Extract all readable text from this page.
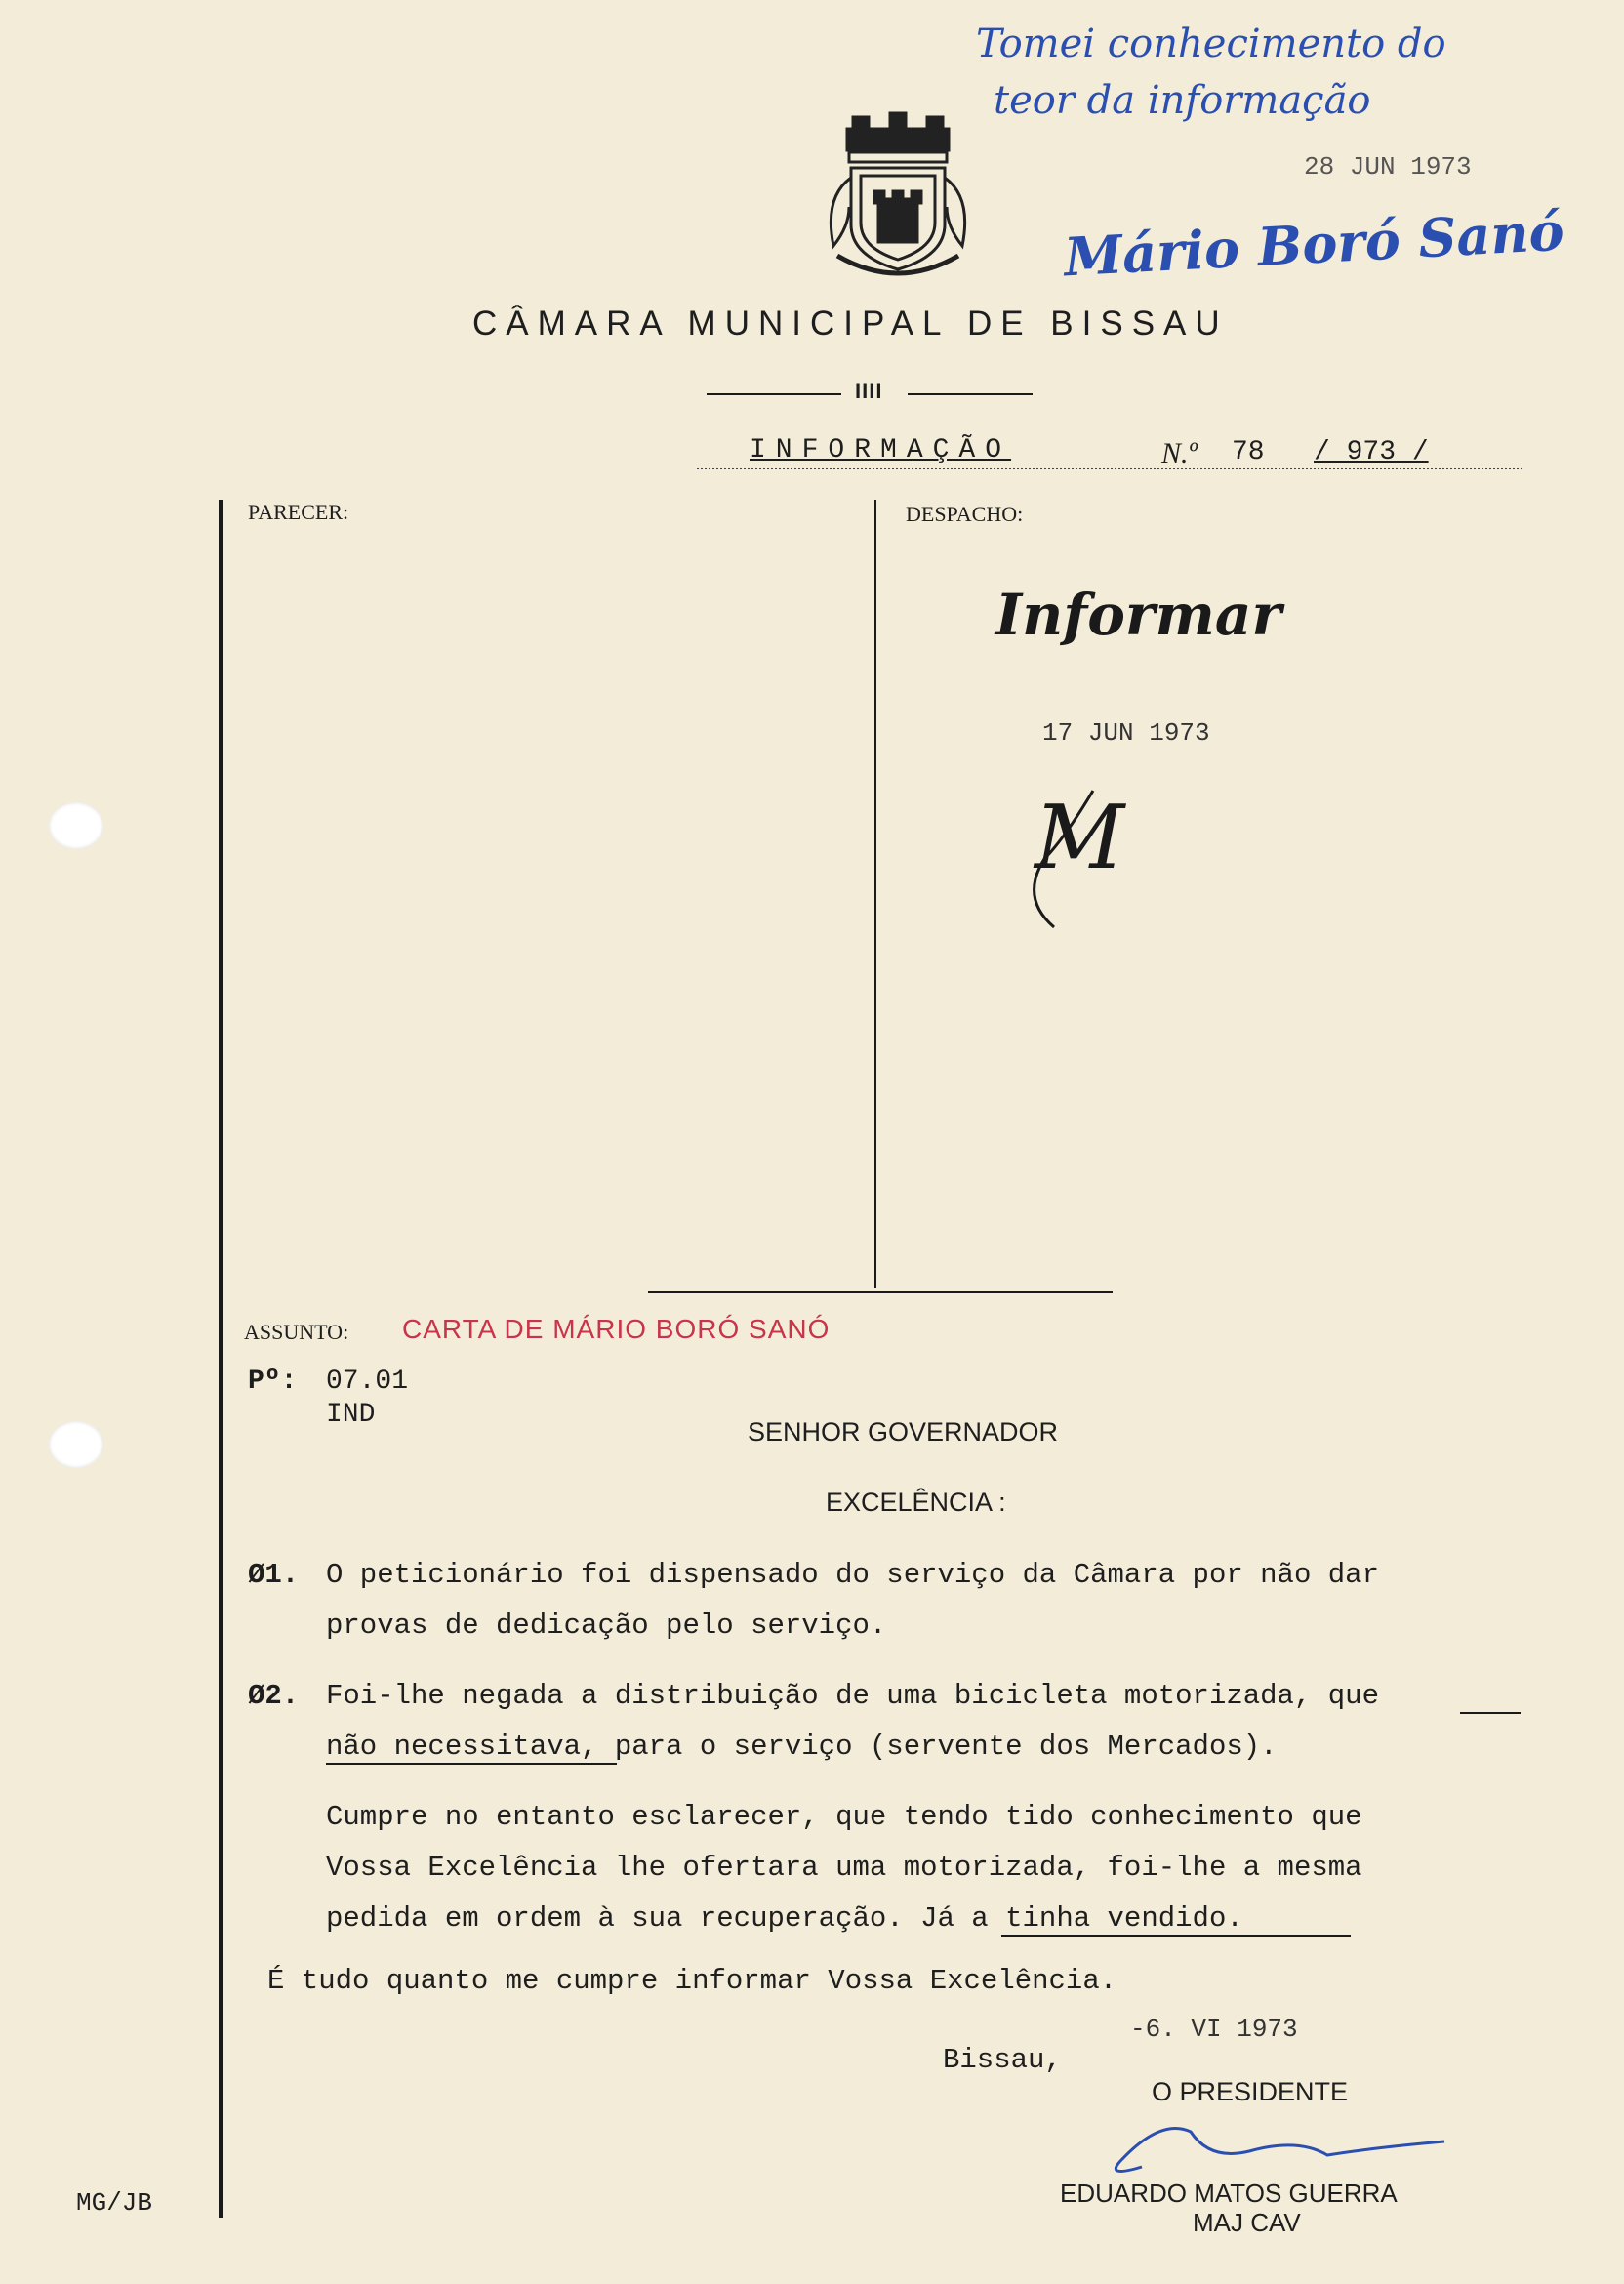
Tomei conhecimento do
teor da informação
28 JUN 1973
Mário Boró Sanó
CÂMARA MUNICIPAL DE BISSAU
IIII
INFORMAÇÃO	N.º 78 / 973 /
PARECER:	DESPACHO:
Informar
17 JUN 1973
M
ASSUNTO: CARTA DE MÁRIO BORÓ SANÓ
Pº: 07.01
IND
SENHOR GOVERNADOR
EXCELÊNCIA :
Ø1. O peticionário foi dispensado do serviço da Câmara por não dar
provas de dedicação pelo serviço.
Ø2. Foi-lhe negada a distribuição de uma bicicleta motorizada, que
não necessitava, para o serviço (servente dos Mercados).
Cumpre no entanto esclarecer, que tendo tido conhecimento que
Vossa Excelência lhe ofertara uma motorizada, foi-lhe a mesma
pedida em ordem à sua recuperação. Já a tinha vendido.
É tudo quanto me cumpre informar Vossa Excelência.
-6. VI 1973
Bissau,
O PRESIDENTE
EDUARDO MATOS GUERRA
MAJ CAV
MG/JB
